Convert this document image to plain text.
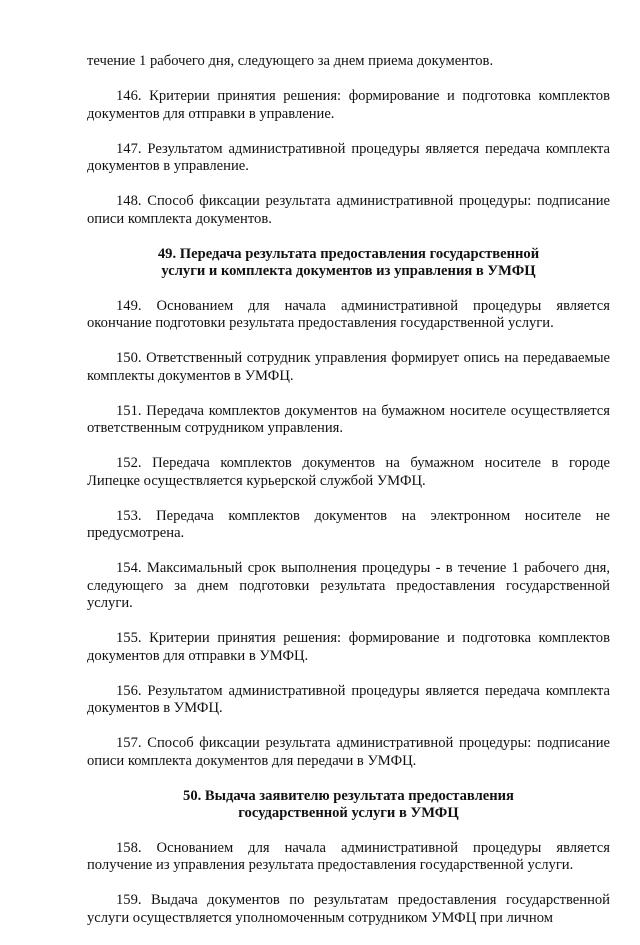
течение 1 рабочего дня, следующего за днем приема документов.

146. Критерии принятия решения: формирование и подготовка комплектов документов для отправки в управление.

147. Результатом административной процедуры является передача комплекта документов в управление.

148. Способ фиксации результата административной процедуры: подписание описи комплекта документов.

49. Передача результата предоставления государственной
услуги и комплекта документов из управления в УМФЦ

149. Основанием для начала административной процедуры является окончание подготовки результата предоставления государственной услуги.

150. Ответственный сотрудник управления формирует опись на передаваемые комплекты документов в УМФЦ.

151. Передача комплектов документов на бумажном носителе осуществляется ответственным сотрудником управления.

152. Передача комплектов документов на бумажном носителе в городе Липецке осуществляется курьерской службой УМФЦ.

153. Передача комплектов документов на электронном носителе не предусмотрена.

154. Максимальный срок выполнения процедуры - в течение 1 рабочего дня, следующего за днем подготовки результата предоставления государственной услуги.

155. Критерии принятия решения: формирование и подготовка комплектов документов для отправки в УМФЦ.

156. Результатом административной процедуры является передача комплекта документов в УМФЦ.

157. Способ фиксации результата административной процедуры: подписание описи комплекта документов для передачи в УМФЦ.

50. Выдача заявителю результата предоставления
государственной услуги в УМФЦ

158. Основанием для начала административной процедуры является получение из управления результата предоставления государственной услуги.

159. Выдача документов по результатам предоставления государственной услуги осуществляется уполномоченным сотрудником УМФЦ при личном
